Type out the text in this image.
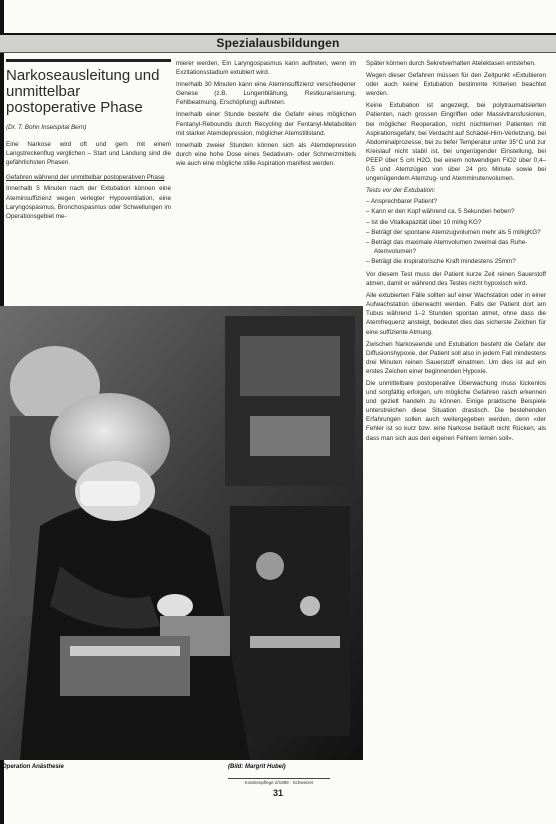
Spezialausbildungen
Narkoseausleitung und unmittelbar postoperative Phase
(Dr. T. Bohn Inselspital Bern)

Eine Narkose wird oft und gern mit einem Langstreckenflug verglichen – Start und Landung sind die gefährlichsten Phasen.

Gefahren während der unmittelbar postoperativen Phase

Innerhalb 5 Minuten nach der Extubation können eine Ateminsuffizienz wegen verlegter Hypoventilation, eine Laryngospasmus, Bronchospasmus oder Schwellungen im Operationsgebiet me-

mierer werden. Ein Laryngospasmus kann auftreten, wenn im Exzitationsstadium extubiert wird.

Innerhalb 30 Minuten kann eine Ateminsuffizienz verschiedener Genese (z.B. Lungenblähung, Restkurarisierung, Fehlbeatmung, Erschöpfung) auftreten.

Innerhalb einer Stunde besteht die Gefahr eines möglichen Fentanyl-Reboundis durch Recycling der Fentanyl-Metaboliten mit starker Atemdepression, möglicher Atemstillstand.

Innerhalb zweier Stunden können sich als Atemdepression durch eine hohe Dose eines Sedativum- oder Schmerzmittels wie auch eine mögliche stille Aspiration manifest werden.

Später können durch Sekretverhalten Atelektasen entstehen.

Wegen dieser Gefahren müssen für den Zeitpunkt «Extubieren oder auch keine Extubation bestimmte Kriterien beachtet werden.

Keine Extubation ist angezeigt, bei polytraumatisierten Patienten, nach grossen Eingriffen oder Massivtransfusionen, bei möglicher Reoperation, nicht nüchternen Patienten mit Aspirationsgefahr, bei Verdacht auf Schädel-Hirn-Verletzung, bei Abdominalprozesse, bei zu tiefer Temperatur unter 35°C und zur Kreislauf nicht stabil ist, bei ungenügender Einstellung, bei PEEP über 5 cm H2O, bei einem notwendigen FiO2 über 0,4–0,5 und Atemzügen von über 24 pro Minute sowie bei ungenügendem Atemzug- und Atemminutenvolumen.

Tests vor der Extubation:
– Ansprechbarer Patient?
– Kann er den Kopf während ca. 5 Sekunden heben?
– Ist die Vitalkapazität über 10 ml/kg KG?
– Beträgt der spontane Atemzugvolumen mehr als 5 ml/kgKG?
– Beträgt das maximale Atemvolumen zweimal das Ruhe-Atemvolumen?
– Beträgt die inspiratorische Kraft mindestens 25mm?

Vor diesem Test muss der Patient kurze Zeit reinen Sauerstoff atmen, damit er während des Testes nicht hypoxisch wird.

Alle extubierten Fälle sollten auf einer Wachstation oder in einer Aufwachstation überwacht werden. Falls der Patient dort am Tubus während 1–2 Stunden spontan atmet, ohne dass die Atemfrequenz ansteigt, bedeutet dies das sicherste Zeichen für eine suffiziente Atmung.

Zwischen Narkoseende und Extubation besteht die Gefahr der Diffusionshypoxie, der Patient soll also in jedem Fall mindestens drei Minuten reinen Sauerstoff einatmen. Um dies ist auf ein erstes Zeichen einer beginnenden Hypoxie.

Die unmittelbare postoperative Überwachung muss lückenlos und sorgfältig erfolgen, um mögliche Gefahren rasch erkennen und gezielt handeln zu können. Einige praktische Beispiele unterstreichen diese Situation drastisch. Die bestehenden Erfahrungen sollen auch weitergegeben werden, denn «der Fehler ist so kurz bzw. eine Narkose beiläuft nicht Rücken, als dass man sich aus den eigenen Fehlern lernen soll».

Operation Anästhesie	(Bild: Margrit Hubel)
Krankenpflege 2/1989 · Schweizer
31
